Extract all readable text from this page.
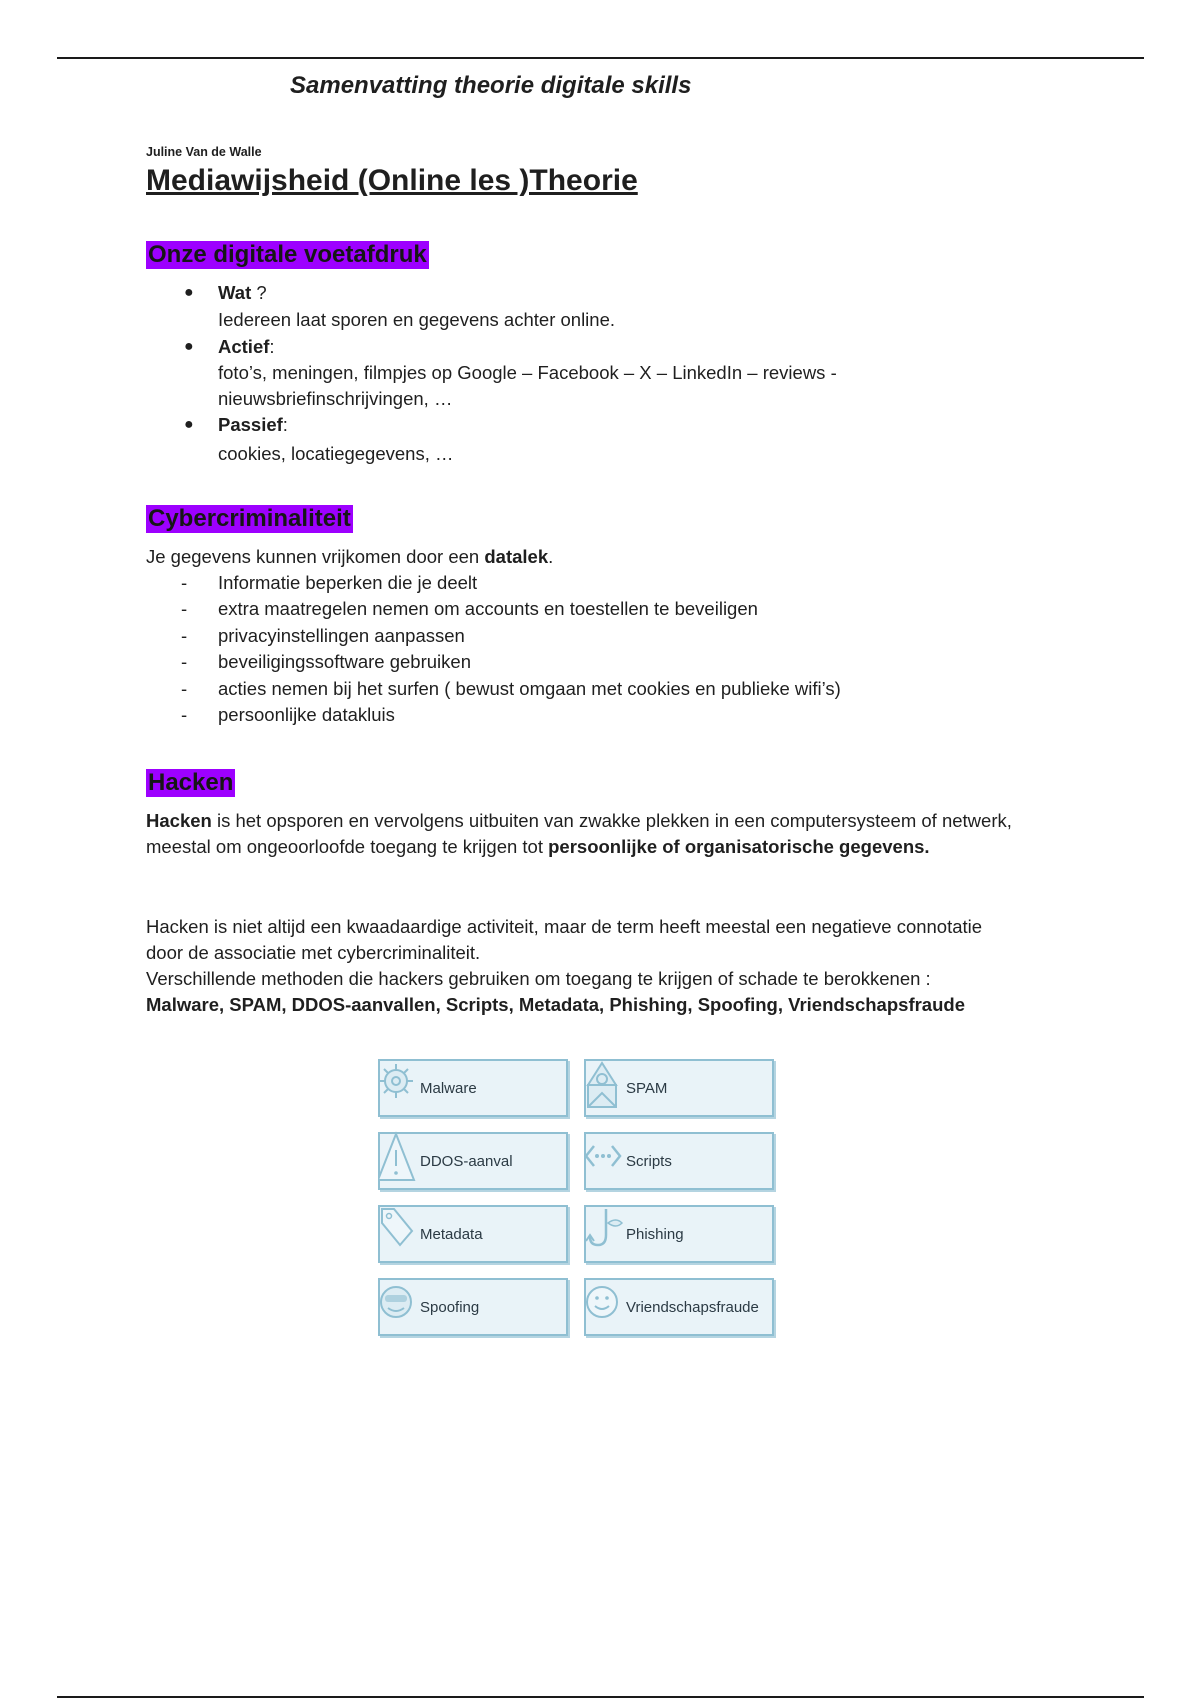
Samenvatting theorie digitale skills
Juline Van de Walle
Mediawijsheid (Online les )Theorie
Onze digitale voetafdruk
● Wat ?
Iedereen laat sporen en gegevens achter online.
● Actief:
foto’s, meningen, filmpjes op Google – Facebook – X – LinkedIn – reviews -
nieuwsbriefinschrijvingen, …
● Passief:
cookies, locatiegegevens, …
Cybercriminaliteit
Je gegevens kunnen vrijkomen door een datalek.
- Informatie beperken die je deelt
- extra maatregelen nemen om accounts en toestellen te beveiligen
- privacyinstellingen aanpassen
- beveiligingssoftware gebruiken
- acties nemen bij het surfen ( bewust omgaan met cookies en publieke wifi’s)
- persoonlijke datakluis
Hacken
Hacken is het opsporen en vervolgens uitbuiten van zwakke plekken in een computersysteem of netwerk, meestal om ongeoorloofde toegang te krijgen tot persoonlijke of organisatorische gegevens.
Hacken is niet altijd een kwaadaardige activiteit, maar de term heeft meestal een negatieve connotatie door de associatie met cybercriminaliteit.
Verschillende methoden die hackers gebruiken om toegang te krijgen of schade te berokkenen :
Malware, SPAM, DDOS-aanvallen, Scripts, Metadata, Phishing, Spoofing, Vriendschapsfraude
Malware	SPAM
DDOS-aanval	Scripts
Metadata	Phishing
Spoofing	Vriendschapsfraude
